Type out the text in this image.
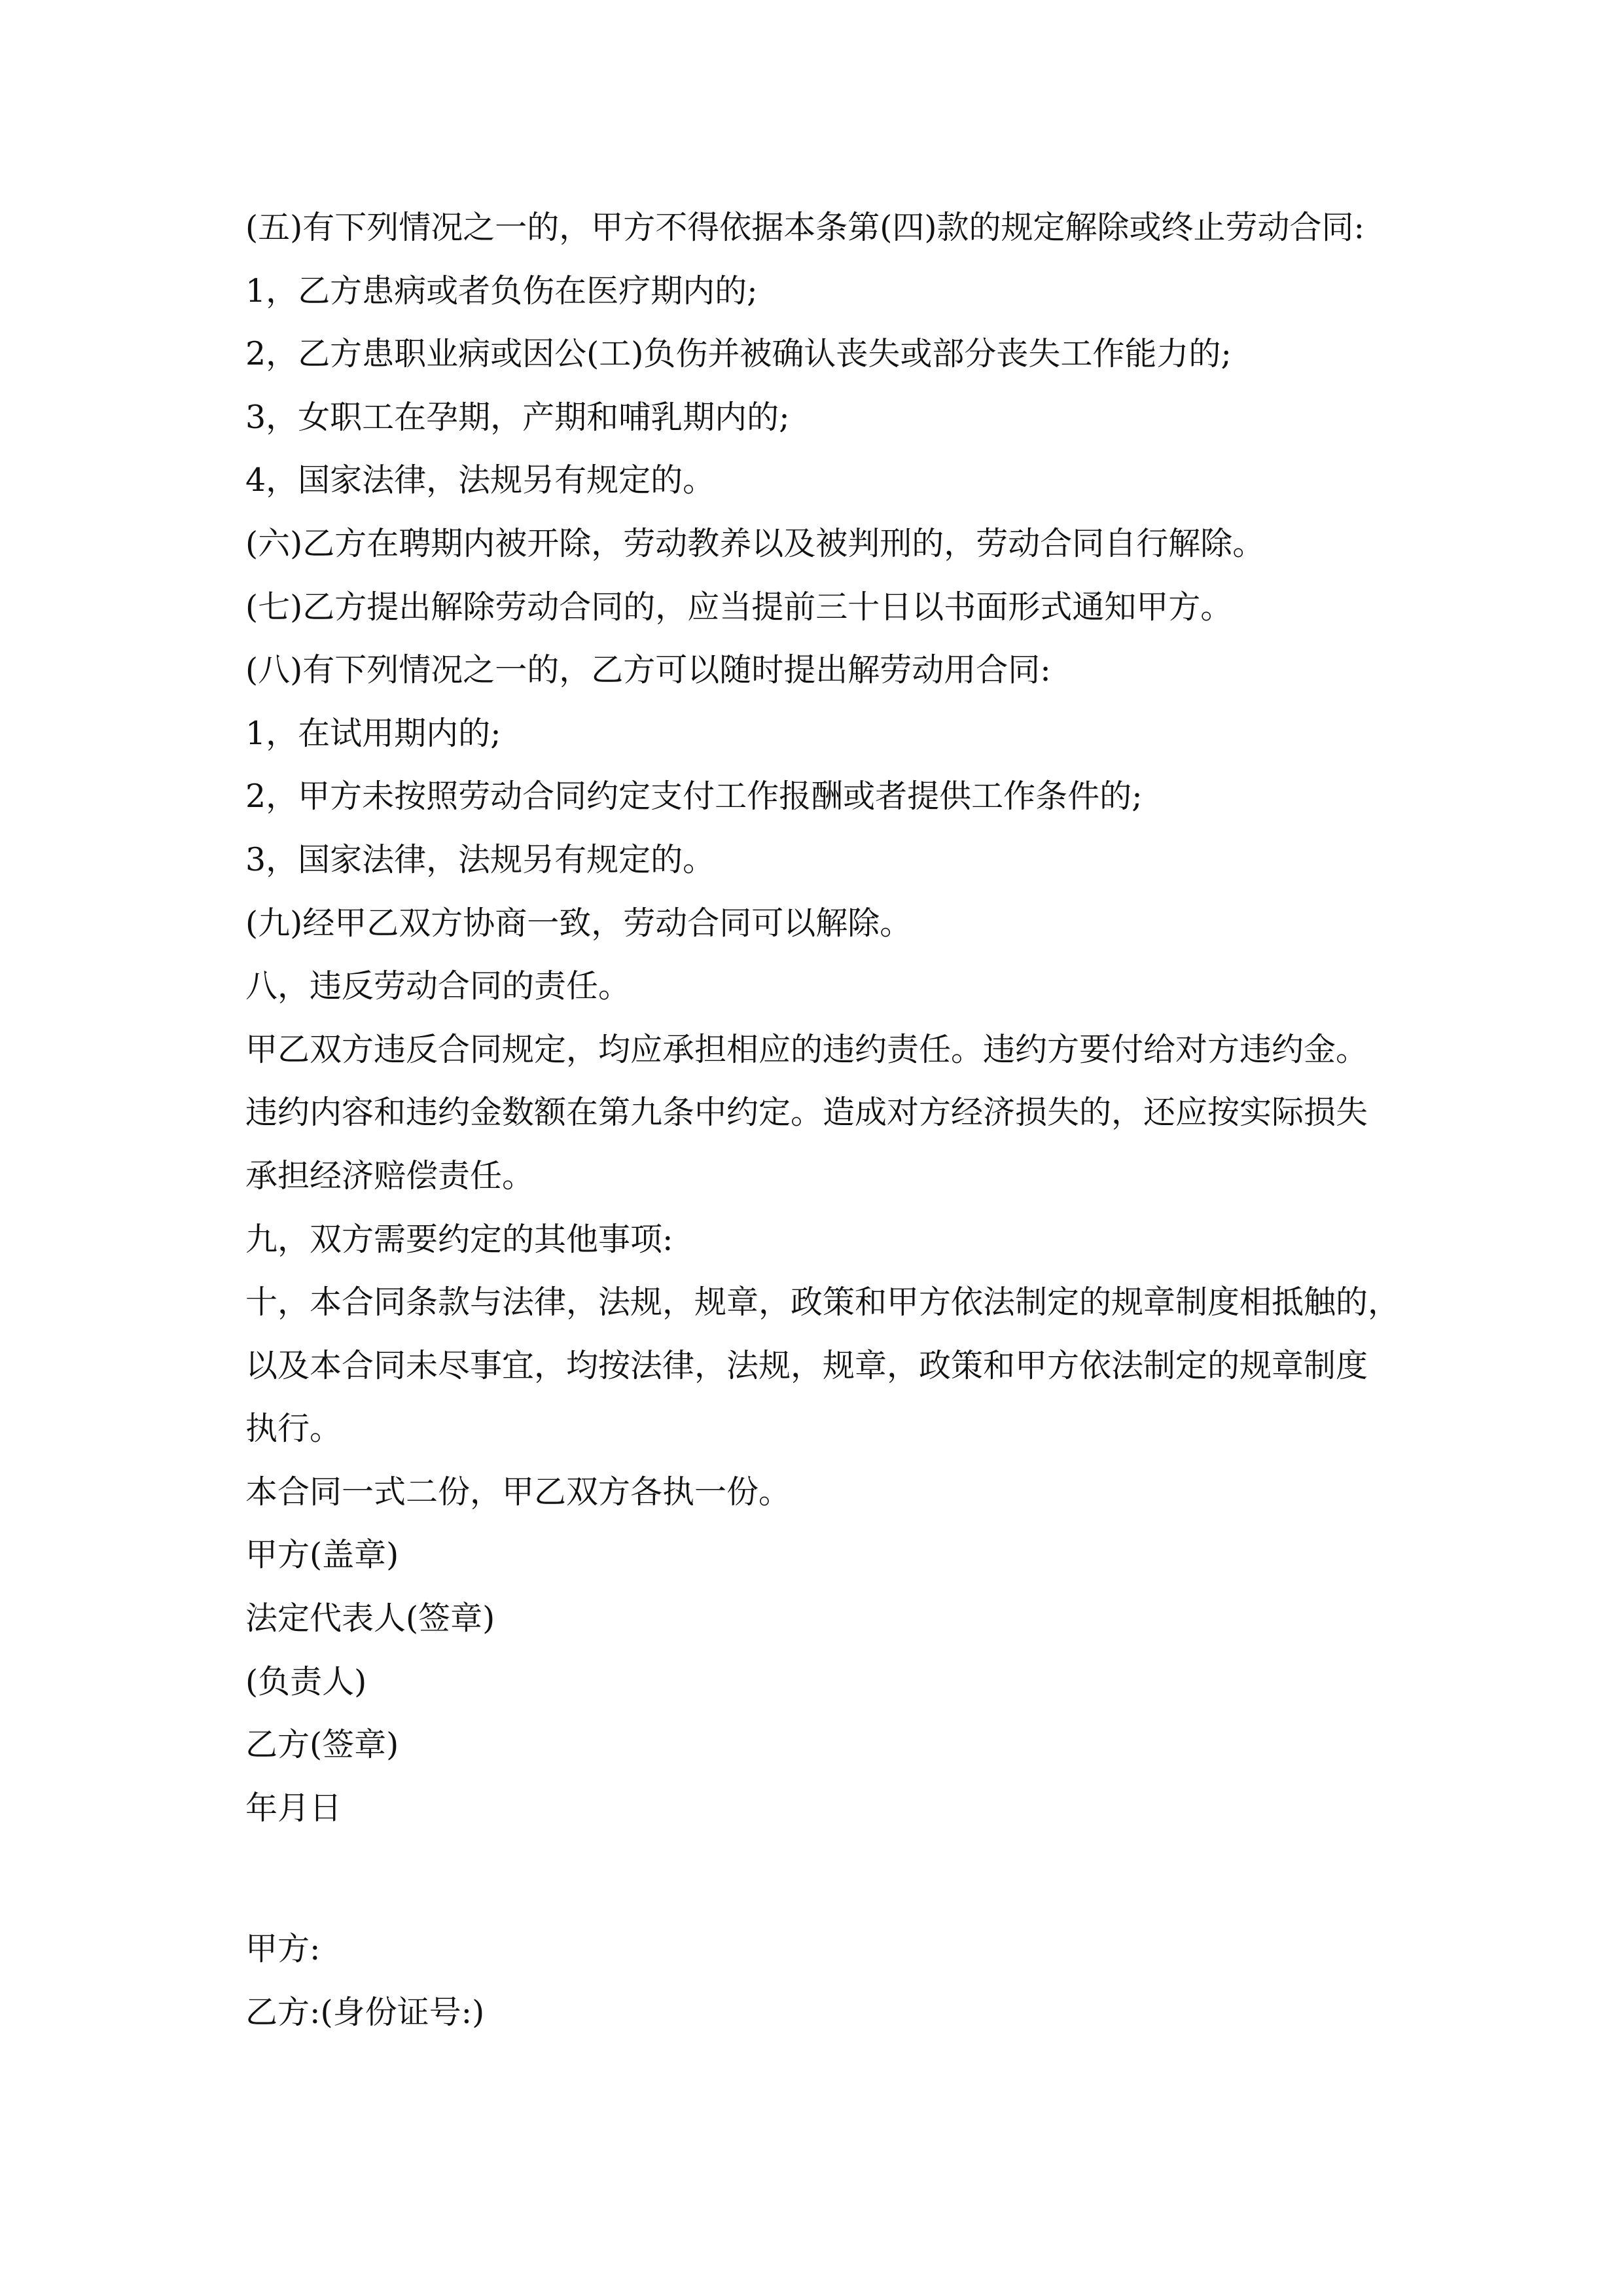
(五)有下列情况之一的，甲方不得依据本条第(四)款的规定解除或终止劳动合同:
1，乙方患病或者负伤在医疗期内的;
2，乙方患职业病或因公(工)负伤并被确认丧失或部分丧失工作能力的;
3，女职工在孕期，产期和哺乳期内的;
4，国家法律，法规另有规定的。
(六)乙方在聘期内被开除，劳动教养以及被判刑的，劳动合同自行解除。
(七)乙方提出解除劳动合同的，应当提前三十日以书面形式通知甲方。
(八)有下列情况之一的，乙方可以随时提出解劳动用合同:
1，在试用期内的;
2，甲方未按照劳动合同约定支付工作报酬或者提供工作条件的;
3，国家法律，法规另有规定的。
(九)经甲乙双方协商一致，劳动合同可以解除。
八，违反劳动合同的责任。
甲乙双方违反合同规定，均应承担相应的违约责任。违约方要付给对方违约金。
违约内容和违约金数额在第九条中约定。造成对方经济损失的，还应按实际损失
承担经济赔偿责任。
九，双方需要约定的其他事项:
十，本合同条款与法律，法规，规章，政策和甲方依法制定的规章制度相抵触的，
以及本合同未尽事宜，均按法律，法规，规章，政策和甲方依法制定的规章制度
执行。
本合同一式二份，甲乙双方各执一份。
甲方(盖章)
法定代表人(签章)
(负责人)
乙方(签章)
年月日
甲方:
乙方:(身份证号:)
